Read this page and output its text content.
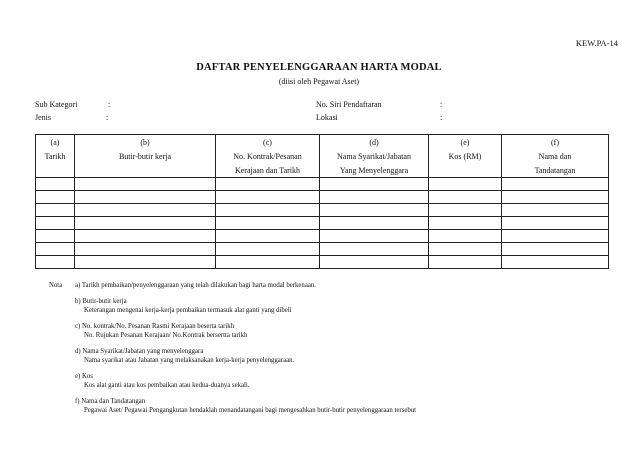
KEW.PA-14
DAFTAR PENYELENGGARAAN HARTA MODAL
(diisi oleh Pegawai Aset)
Sub Kategori	:
Jenis	:
No. Siri Pendaftaran	:
Lokasi	:
(a)	(b)	(c)	(d)	(e)	(f)
Tarikh	Butir-butir kerja	No. Kontrak/Pesanan	Nama Syarikat/Jabatan	Kos (RM)	Nama dan
		Kerajaan dan Tarikh	Yang Menyelenggara		Tandatangan

Nota	a) Tarikh pembaikan/penyelenggaraan yang telah dilakukan bagi harta modal berkenaan.
b) Butir-butir kerja
Keterangan mengenai kerja-kerja pembaikan termasuk alat ganti yang dibeli
c) No. kontrak/No. Pesanan Rasmi Kerajaan beserta tarikh
No. Rujukan Pesanan Kerajaan/ No.Kontrak bersertta tarikh
d) Nama Syarikat/Jabatan yang menyelenggara
Nama syarikat atau Jabatan yang melaksanakan kerja-kerja penyelenggaraan.
e) Kos
Kos alat ganti atau kos pembaikan atau kedua-duanya sekali.
f) Nama dan Tandatangan
Pegawai Aset/ Pegawai Pengangkutan hendaklah menandatangani bagi mengesahkan butir-butir penyelenggaraan tersebut
